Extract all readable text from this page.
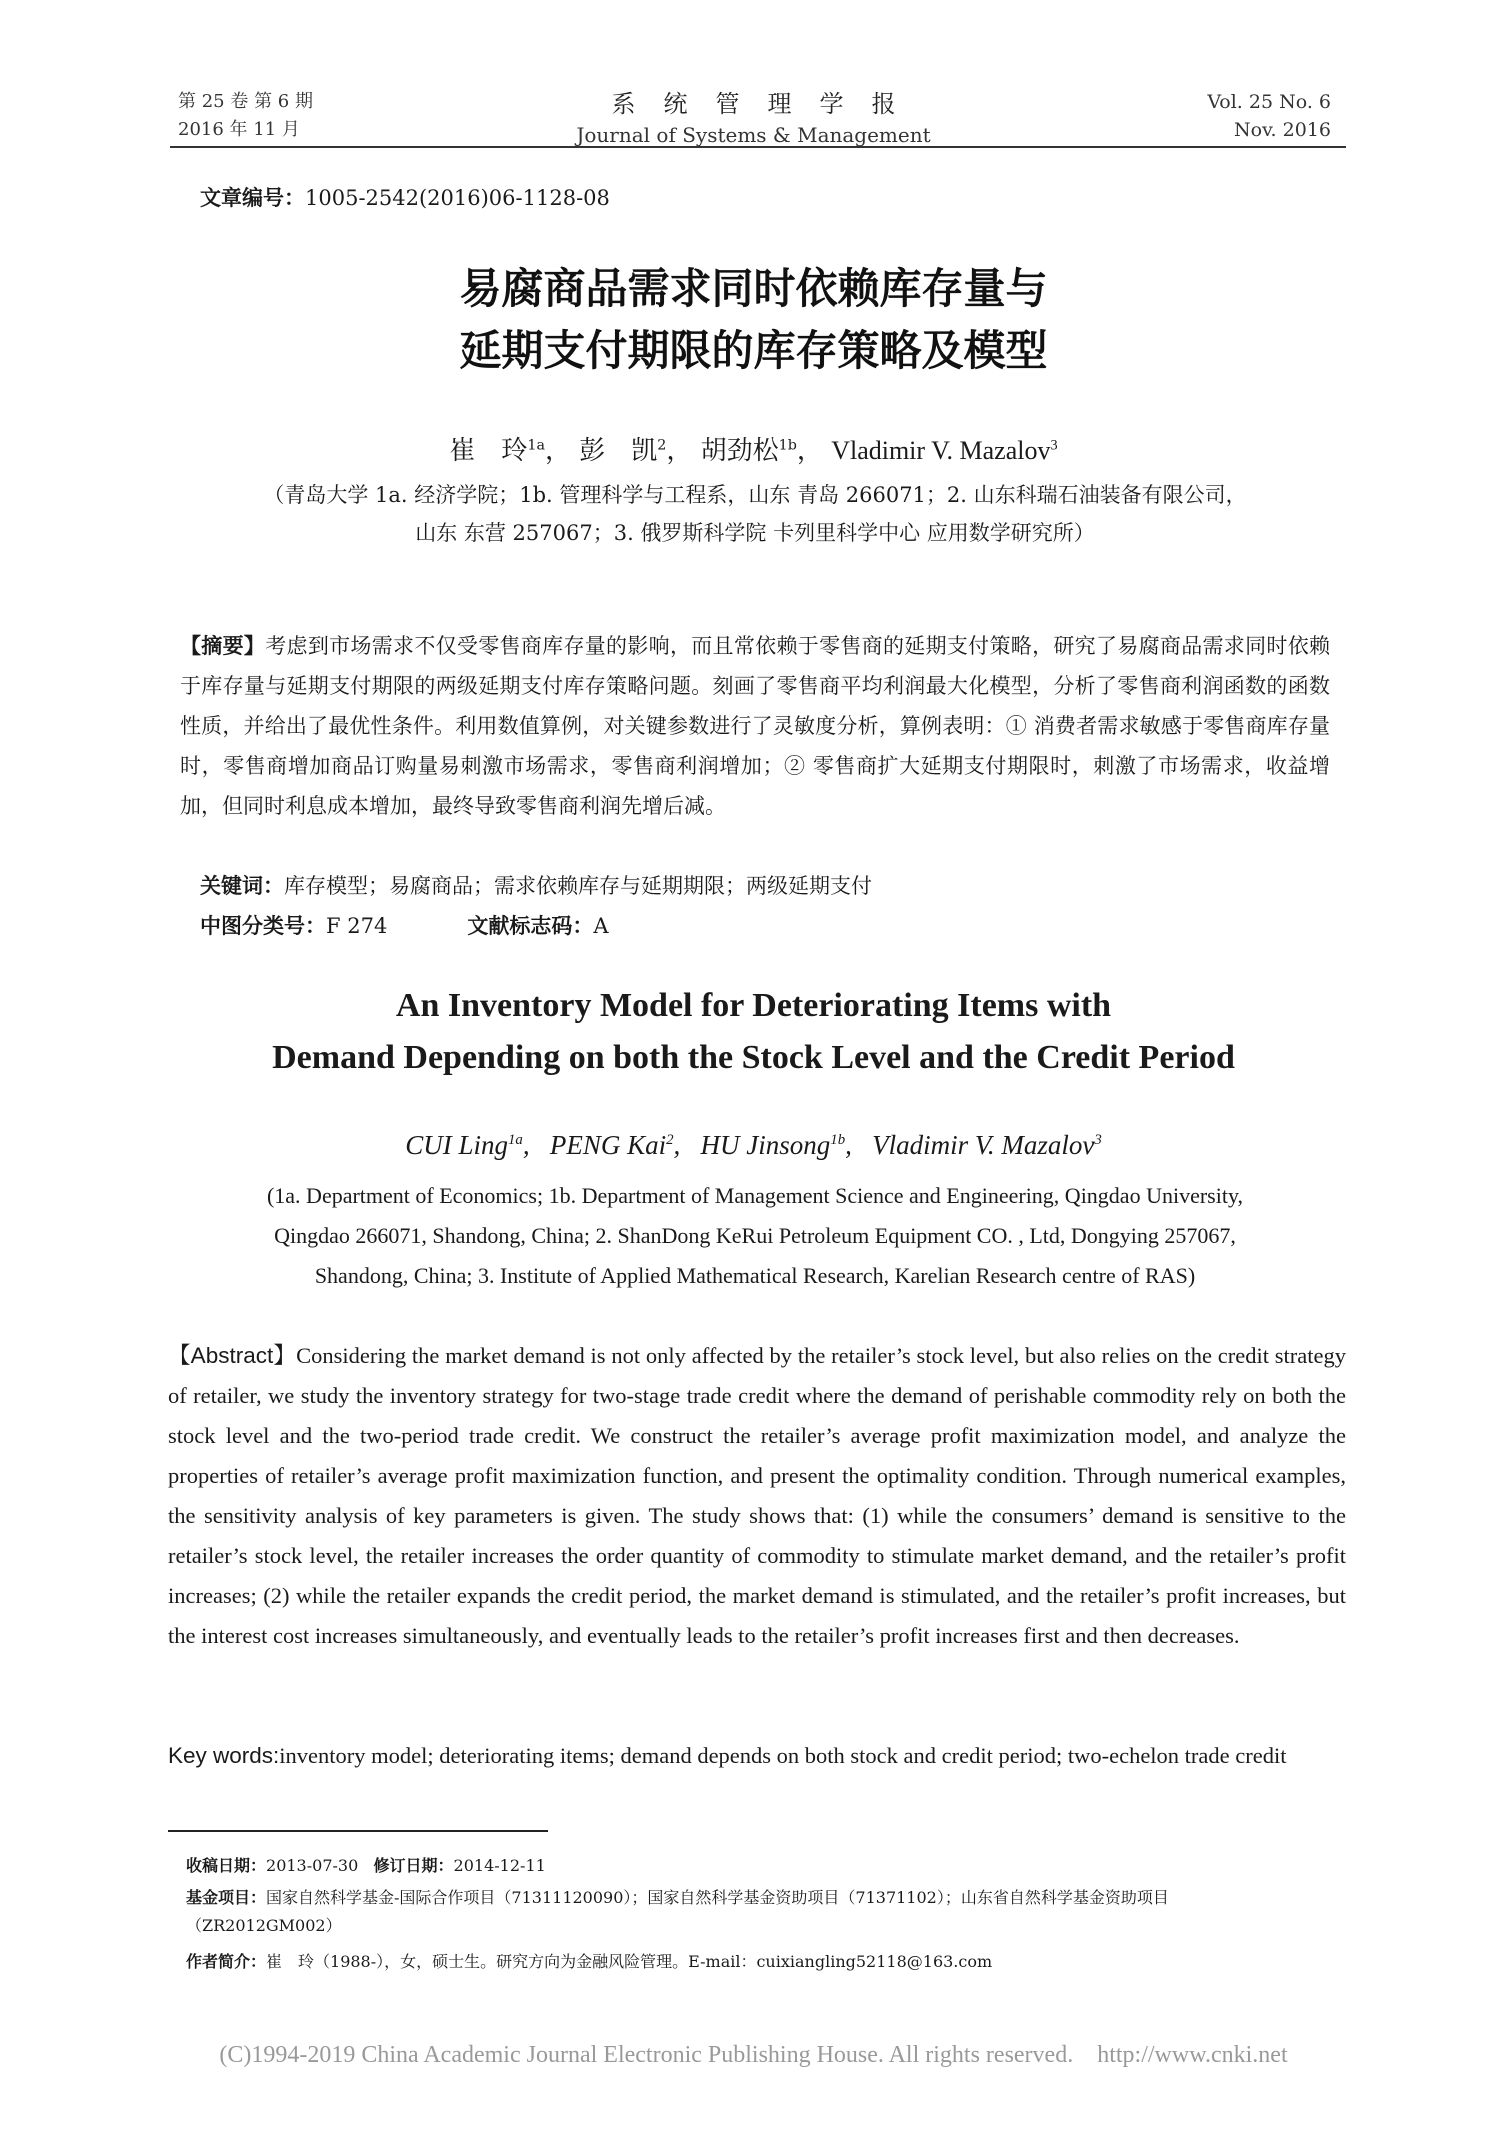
第 25 卷 第 6 期
2016 年 11 月
系统管理学报
Journal of Systems & Management
Vol. 25 No. 6
Nov. 2016
文章编号：1005-2542(2016)06-1128-08
易腐商品需求同时依赖库存量与
延期支付期限的库存策略及模型
崔　玲$^{1a}$， 彭　凯$^2$， 胡劲松$^{1b}$， Vladimir V. Mazalov$^3$
（青岛大学 1a. 经济学院；1b. 管理科学与工程系，山东 青岛 266071；2. 山东科瑞石油装备有限公司，
山东 东营 257067；3. 俄罗斯科学院 卡列里科学中心 应用数学研究所）
【摘要】考虑到市场需求不仅受零售商库存量的影响，而且常依赖于零售商的延期支付策略，研究了易腐商品需求同时依赖于库存量与延期支付期限的两级延期支付库存策略问题。刻画了零售商平均利润最大化模型，分析了零售商利润函数的函数性质，并给出了最优性条件。利用数值算例，对关键参数进行了灵敏度分析，算例表明：① 消费者需求敏感于零售商库存量时，零售商增加商品订购量易刺激市场需求，零售商利润增加；② 零售商扩大延期支付期限时，刺激了市场需求，收益增加，但同时利息成本增加，最终导致零售商利润先增后减。
关键词：库存模型；易腐商品；需求依赖库存与延期期限；两级延期支付
中图分类号：F 274	文献标志码：A
An Inventory Model for Deteriorating Items with
Demand Depending on both the Stock Level and the Credit Period
CUI Ling$^{1a}$,   PENG Kai$^2$,   HU Jinsong$^{1b}$,   Vladimir V. Mazalov$^3$
(1a. Department of Economics; 1b. Department of Management Science and Engineering, Qingdao University,
Qingdao 266071, Shandong, China; 2. ShanDong KeRui Petroleum Equipment CO. , Ltd, Dongying 257067,
Shandong, China; 3. Institute of Applied Mathematical Research, Karelian Research centre of RAS)
【Abstract】Considering the market demand is not only affected by the retailer’s stock level, but also relies on the credit strategy of retailer, we study the inventory strategy for two-stage trade credit where the demand of perishable commodity rely on both the stock level and the two-period trade credit. We construct the retailer’s average profit maximization model, and analyze the properties of retailer’s average profit maximization function, and present the optimality condition. Through numerical examples, the sensitivity analysis of key parameters is given. The study shows that: (1) while the consumers’ demand is sensitive to the retailer’s stock level, the retailer increases the order quantity of commodity to stimulate market demand, and the retailer’s profit increases; (2) while the retailer expands the credit period, the market demand is stimulated, and the retailer’s profit increases, but the interest cost increases simultaneously, and eventually leads to the retailer’s profit increases first and then decreases.
Key words:inventory model; deteriorating items; demand depends on both stock and credit period; two-echelon trade credit
收稿日期：2013-07-30 修订日期：2014-12-11
基金项目：国家自然科学基金-国际合作项目（71311120090）；国家自然科学基金资助项目（71371102）；山东省自然科学基金资助项目
（ZR2012GM002）
作者简介：崔　玲（1988-），女，硕士生。研究方向为金融风险管理。E-mail：cuixiangling52118@163.com
(C)1994-2019 China Academic Journal Electronic Publishing House. All rights reserved.    http://www.cnki.net
